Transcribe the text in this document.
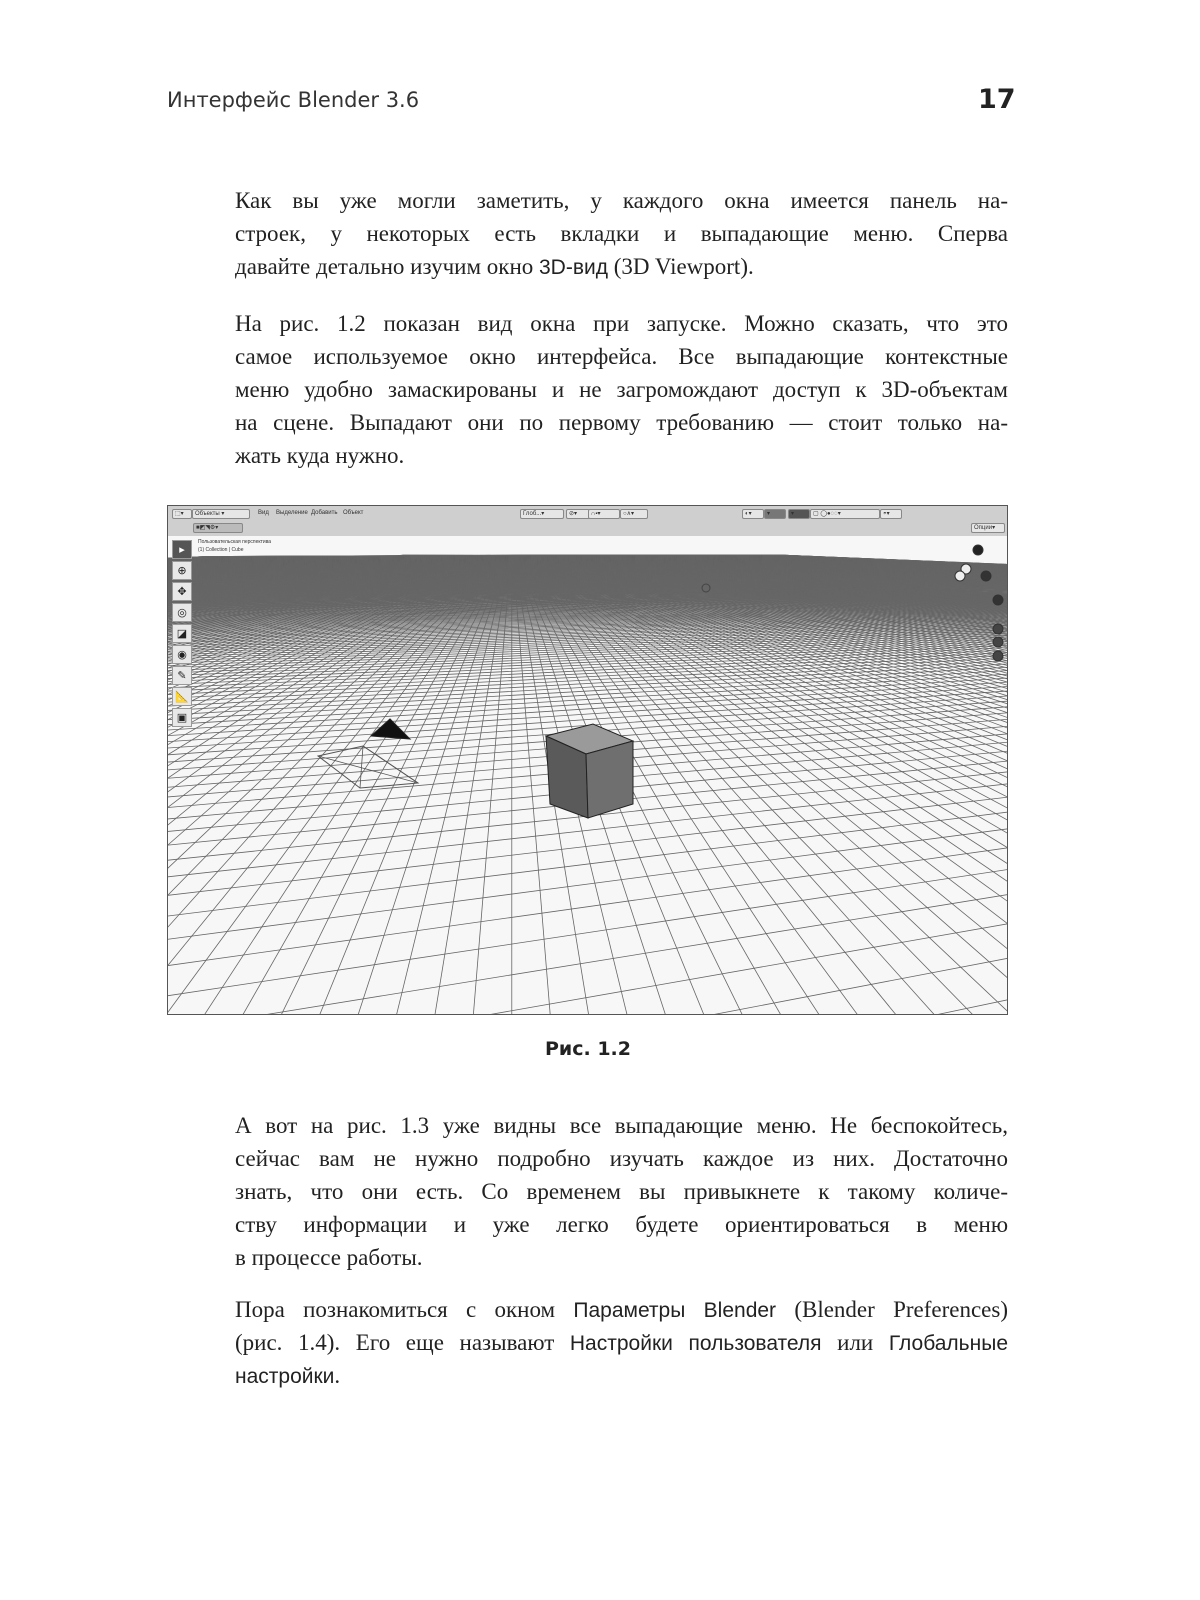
Интерфейс Blender 3.6	17
Как вы уже могли заметить, у каждого окна имеется панель на-
строек, у некоторых есть вкладки и выпадающие меню. Сперва
давайте детально изучим окно 3D-вид (3D Viewport).
На рис. 1.2 показан вид окна при запуске. Можно сказать, что это
самое используемое окно интерфейса. Все выпадающие контекстные
меню удобно замаскированы и не загромождают доступ к 3D-объектам
на сцене. Выпадают они по первому требованию — стоит только на-
жать куда нужно.
⬚▾	Объекты ▾	Вид Выделение Добавить Объект
■◩◥⚙▾
Глоб...▾	⊘▾	∩▪▾	○∧▾	◐▾	▾	▾	▢ ◯●◌◌▾	◓▾
Опции▾
▸
⊕
✥
◎
◪
◉
✎
📐
▣
Пользовательская перспектива
(1) Collection | Cube
Рис. 1.2
А вот на рис. 1.3 уже видны все выпадающие меню. Не беспокойтесь,
сейчас вам не нужно подробно изучать каждое из них. Достаточно
знать, что они есть. Со временем вы привыкнете к такому количе-
ству информации и уже легко будете ориентироваться в меню
в процессе работы.
Пора познакомиться с окном Параметры Blender (Blender Preferences)
(рис. 1.4). Его еще называют Настройки пользователя или Глобальные
настройки.
